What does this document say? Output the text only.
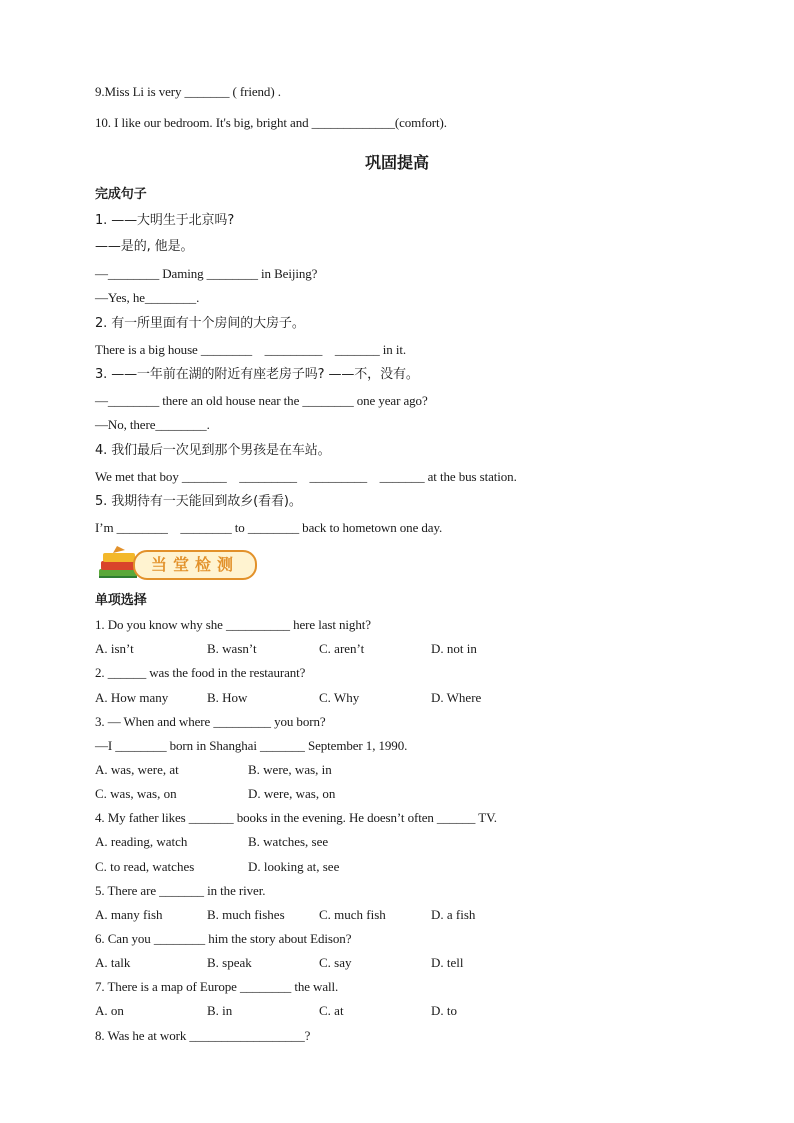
9.Miss Li is very _______ ( friend) .
10. I like our bedroom. It's big, bright and _____________(comfort).
巩固提高
完成句子
1. ——大明生于北京吗?
——是的, 他是。
—________ Daming ________ in Beijing?
—Yes, he________.
2. 有一所里面有十个房间的大房子。
There is a big house ________    _________    _______ in it.
3. ——一年前在湖的附近有座老房子吗? ——不，没有。
—________ there an old house near the ________ one year ago?
—No, there________.
4. 我们最后一次见到那个男孩是在车站。
We met that boy _______    _________    _________    _______ at the bus station.
5. 我期待有一天能回到故乡(看看)。
I’m ________    ________ to ________ back to hometown one day.
当堂检测
单项选择
1. Do you know why she __________ here last night?
A. isn’t	B. wasn’t	C. aren’t	D. not in
2. ______ was the food in the restaurant?
A. How many	B. How	C. Why	D. Where
3. — When and where _________ you born?
—I ________ born in Shanghai _______ September 1, 1990.
A. was, were, at	B. were, was, in
C. was, was, on	D. were, was, on
4. My father likes _______ books in the evening. He doesn’t often ______ TV.
A. reading, watch	B. watches, see
C. to read, watches	D. looking at, see
5. There are _______ in the river.
A. many fish	B. much fishes	C. much fish	D. a fish
6. Can you ________ him the story about Edison?
A. talk	B. speak	C. say	D. tell
7. There is a map of Europe ________ the wall.
A. on	B. in	C. at	D. to
8. Was he at work __________________?
